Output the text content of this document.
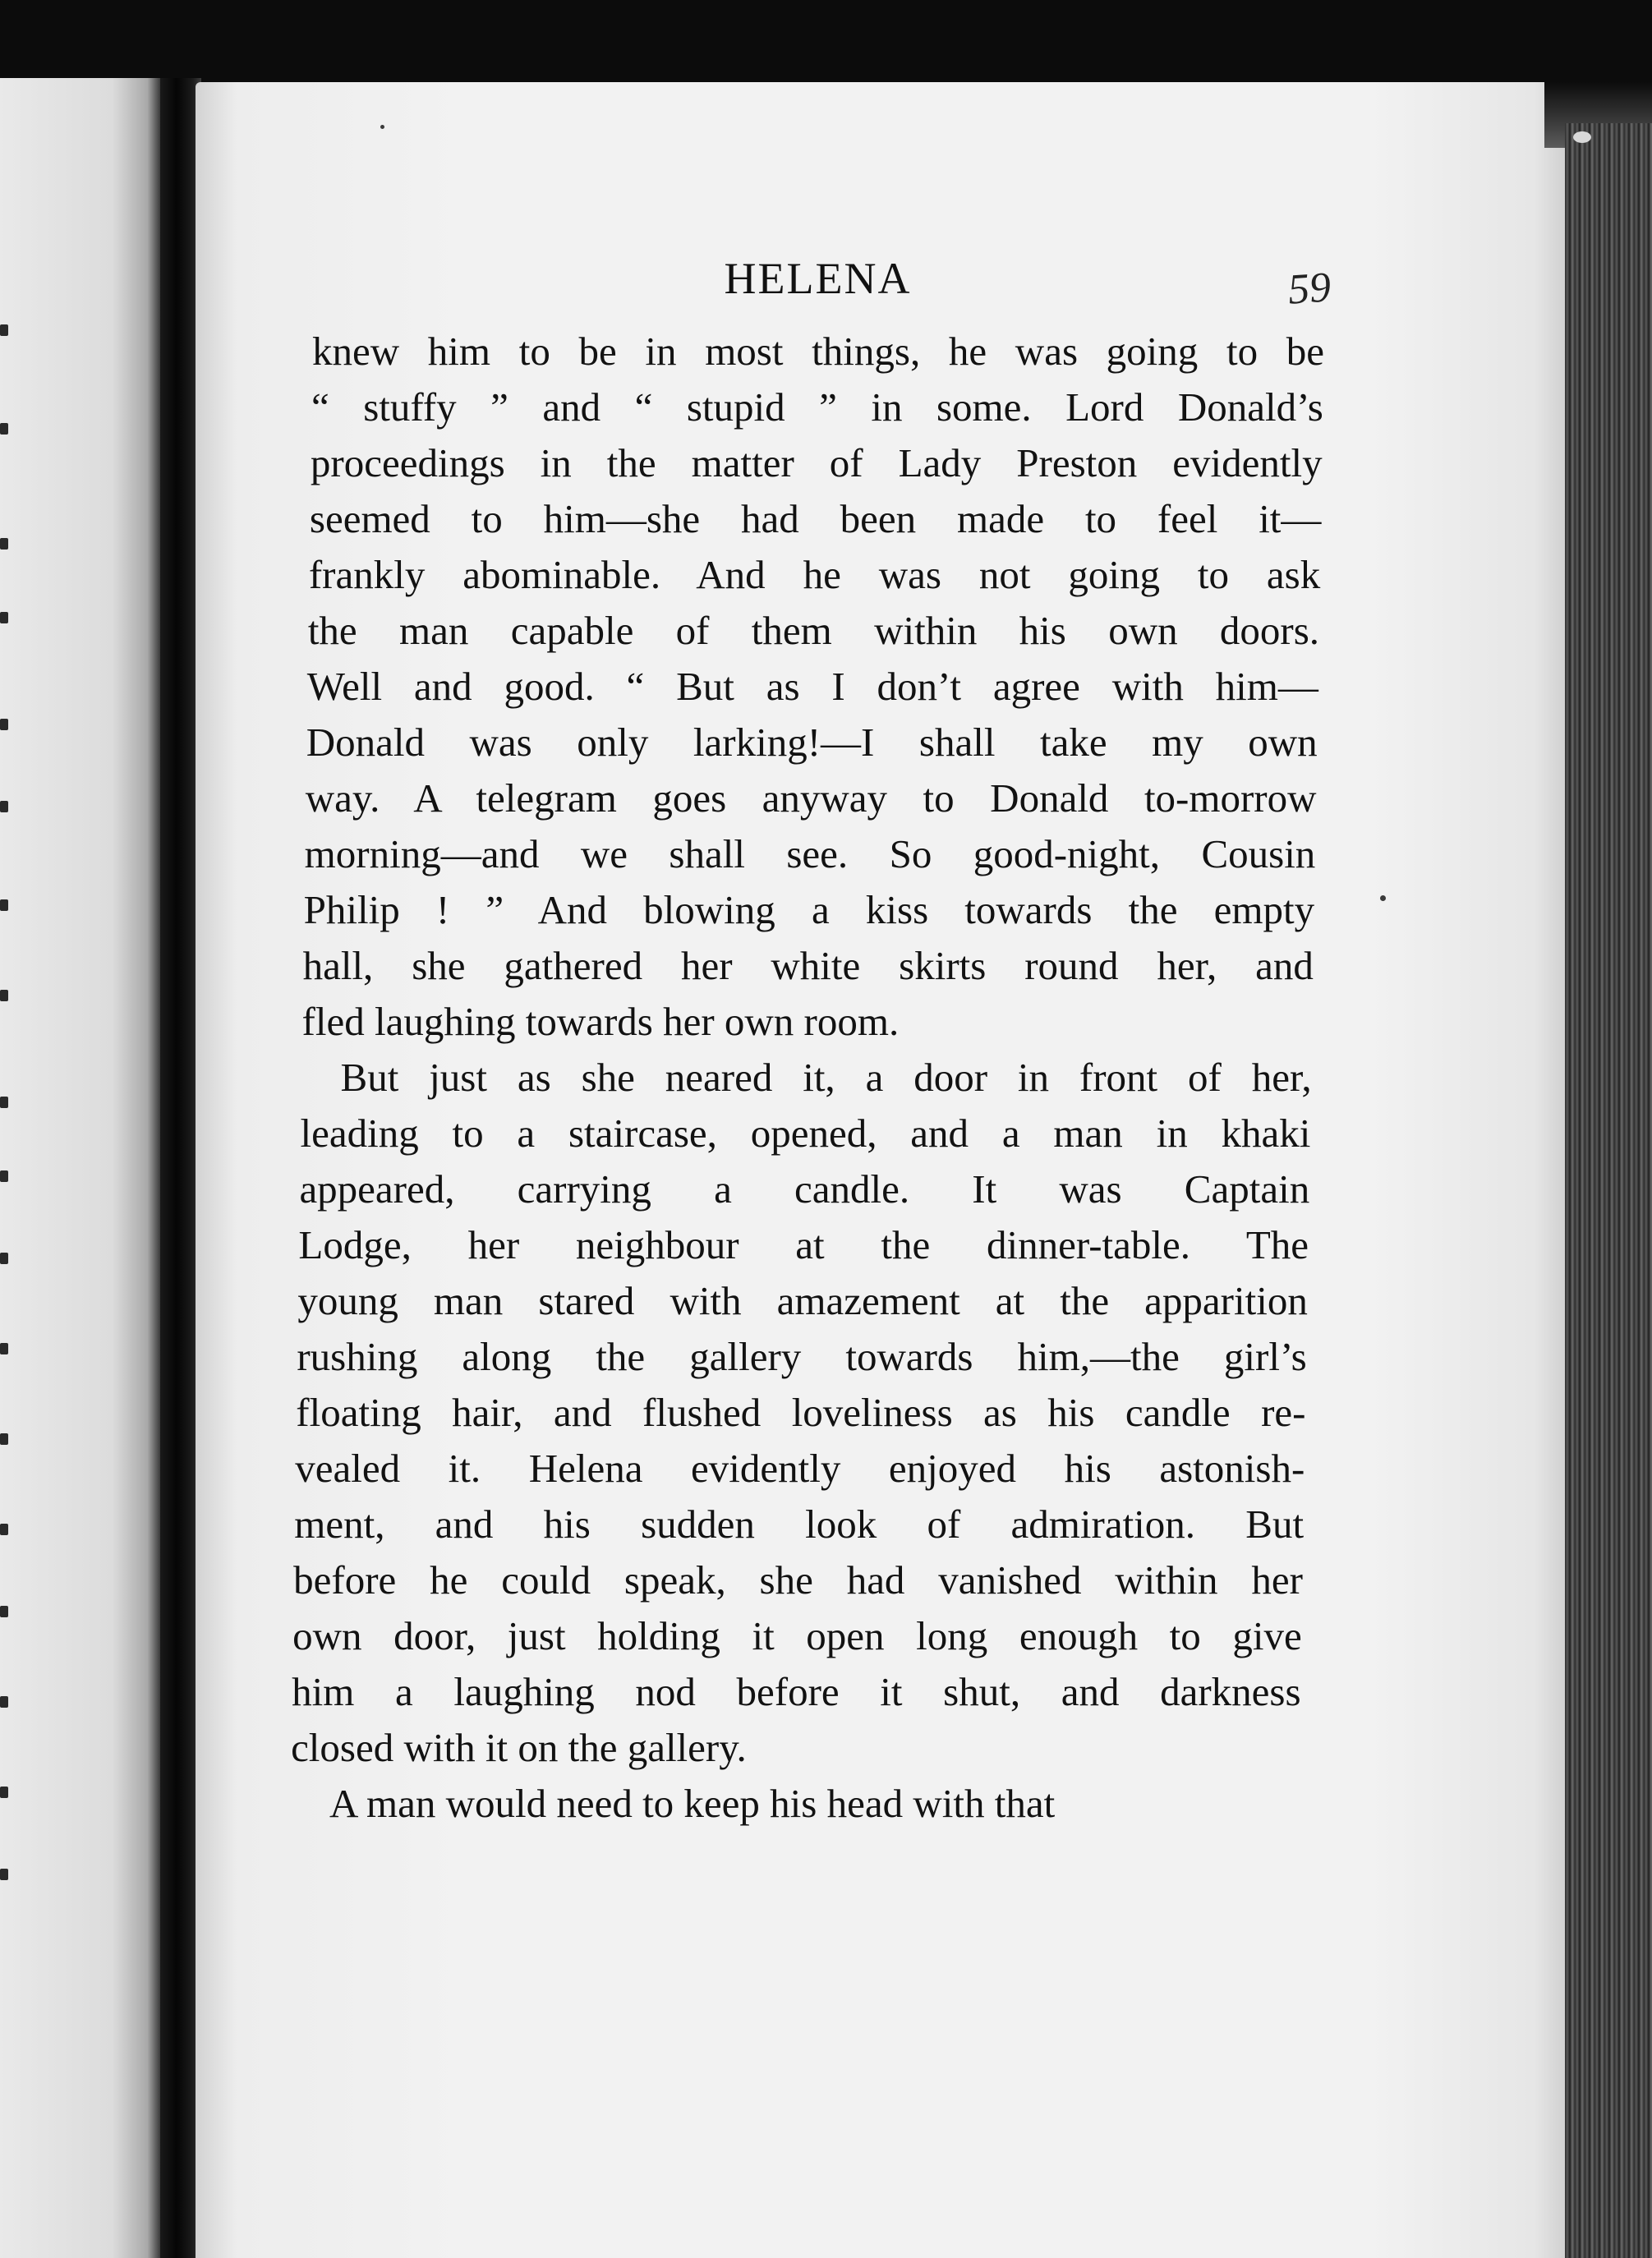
HELENA	59
knew him to be in most things, he was going to be
“ stuffy ” and “ stupid ” in some. Lord Donald’s
proceedings in the matter of Lady Preston evidently
seemed to him—she had been made to feel it—
frankly abominable. And he was not going to ask
the man capable of them within his own doors.
Well and good. “ But as I don’t agree with him—
Donald was only larking!—I shall take my own
way. A telegram goes anyway to Donald to-morrow
morning—and we shall see. So good-night, Cousin
Philip ! ” And blowing a kiss towards the empty
hall, she gathered her white skirts round her, and
fled laughing towards her own room.
But just as she neared it, a door in front of her,
leading to a staircase, opened, and a man in khaki
appeared, carrying a candle. It was Captain
Lodge, her neighbour at the dinner-table. The
young man stared with amazement at the apparition
rushing along the gallery towards him,—the girl’s
floating hair, and flushed loveliness as his candle re-
vealed it. Helena evidently enjoyed his astonish-
ment, and his sudden look of admiration. But
before he could speak, she had vanished within her
own door, just holding it open long enough to give
him a laughing nod before it shut, and darkness
closed with it on the gallery.
A man would need to keep his head with that
